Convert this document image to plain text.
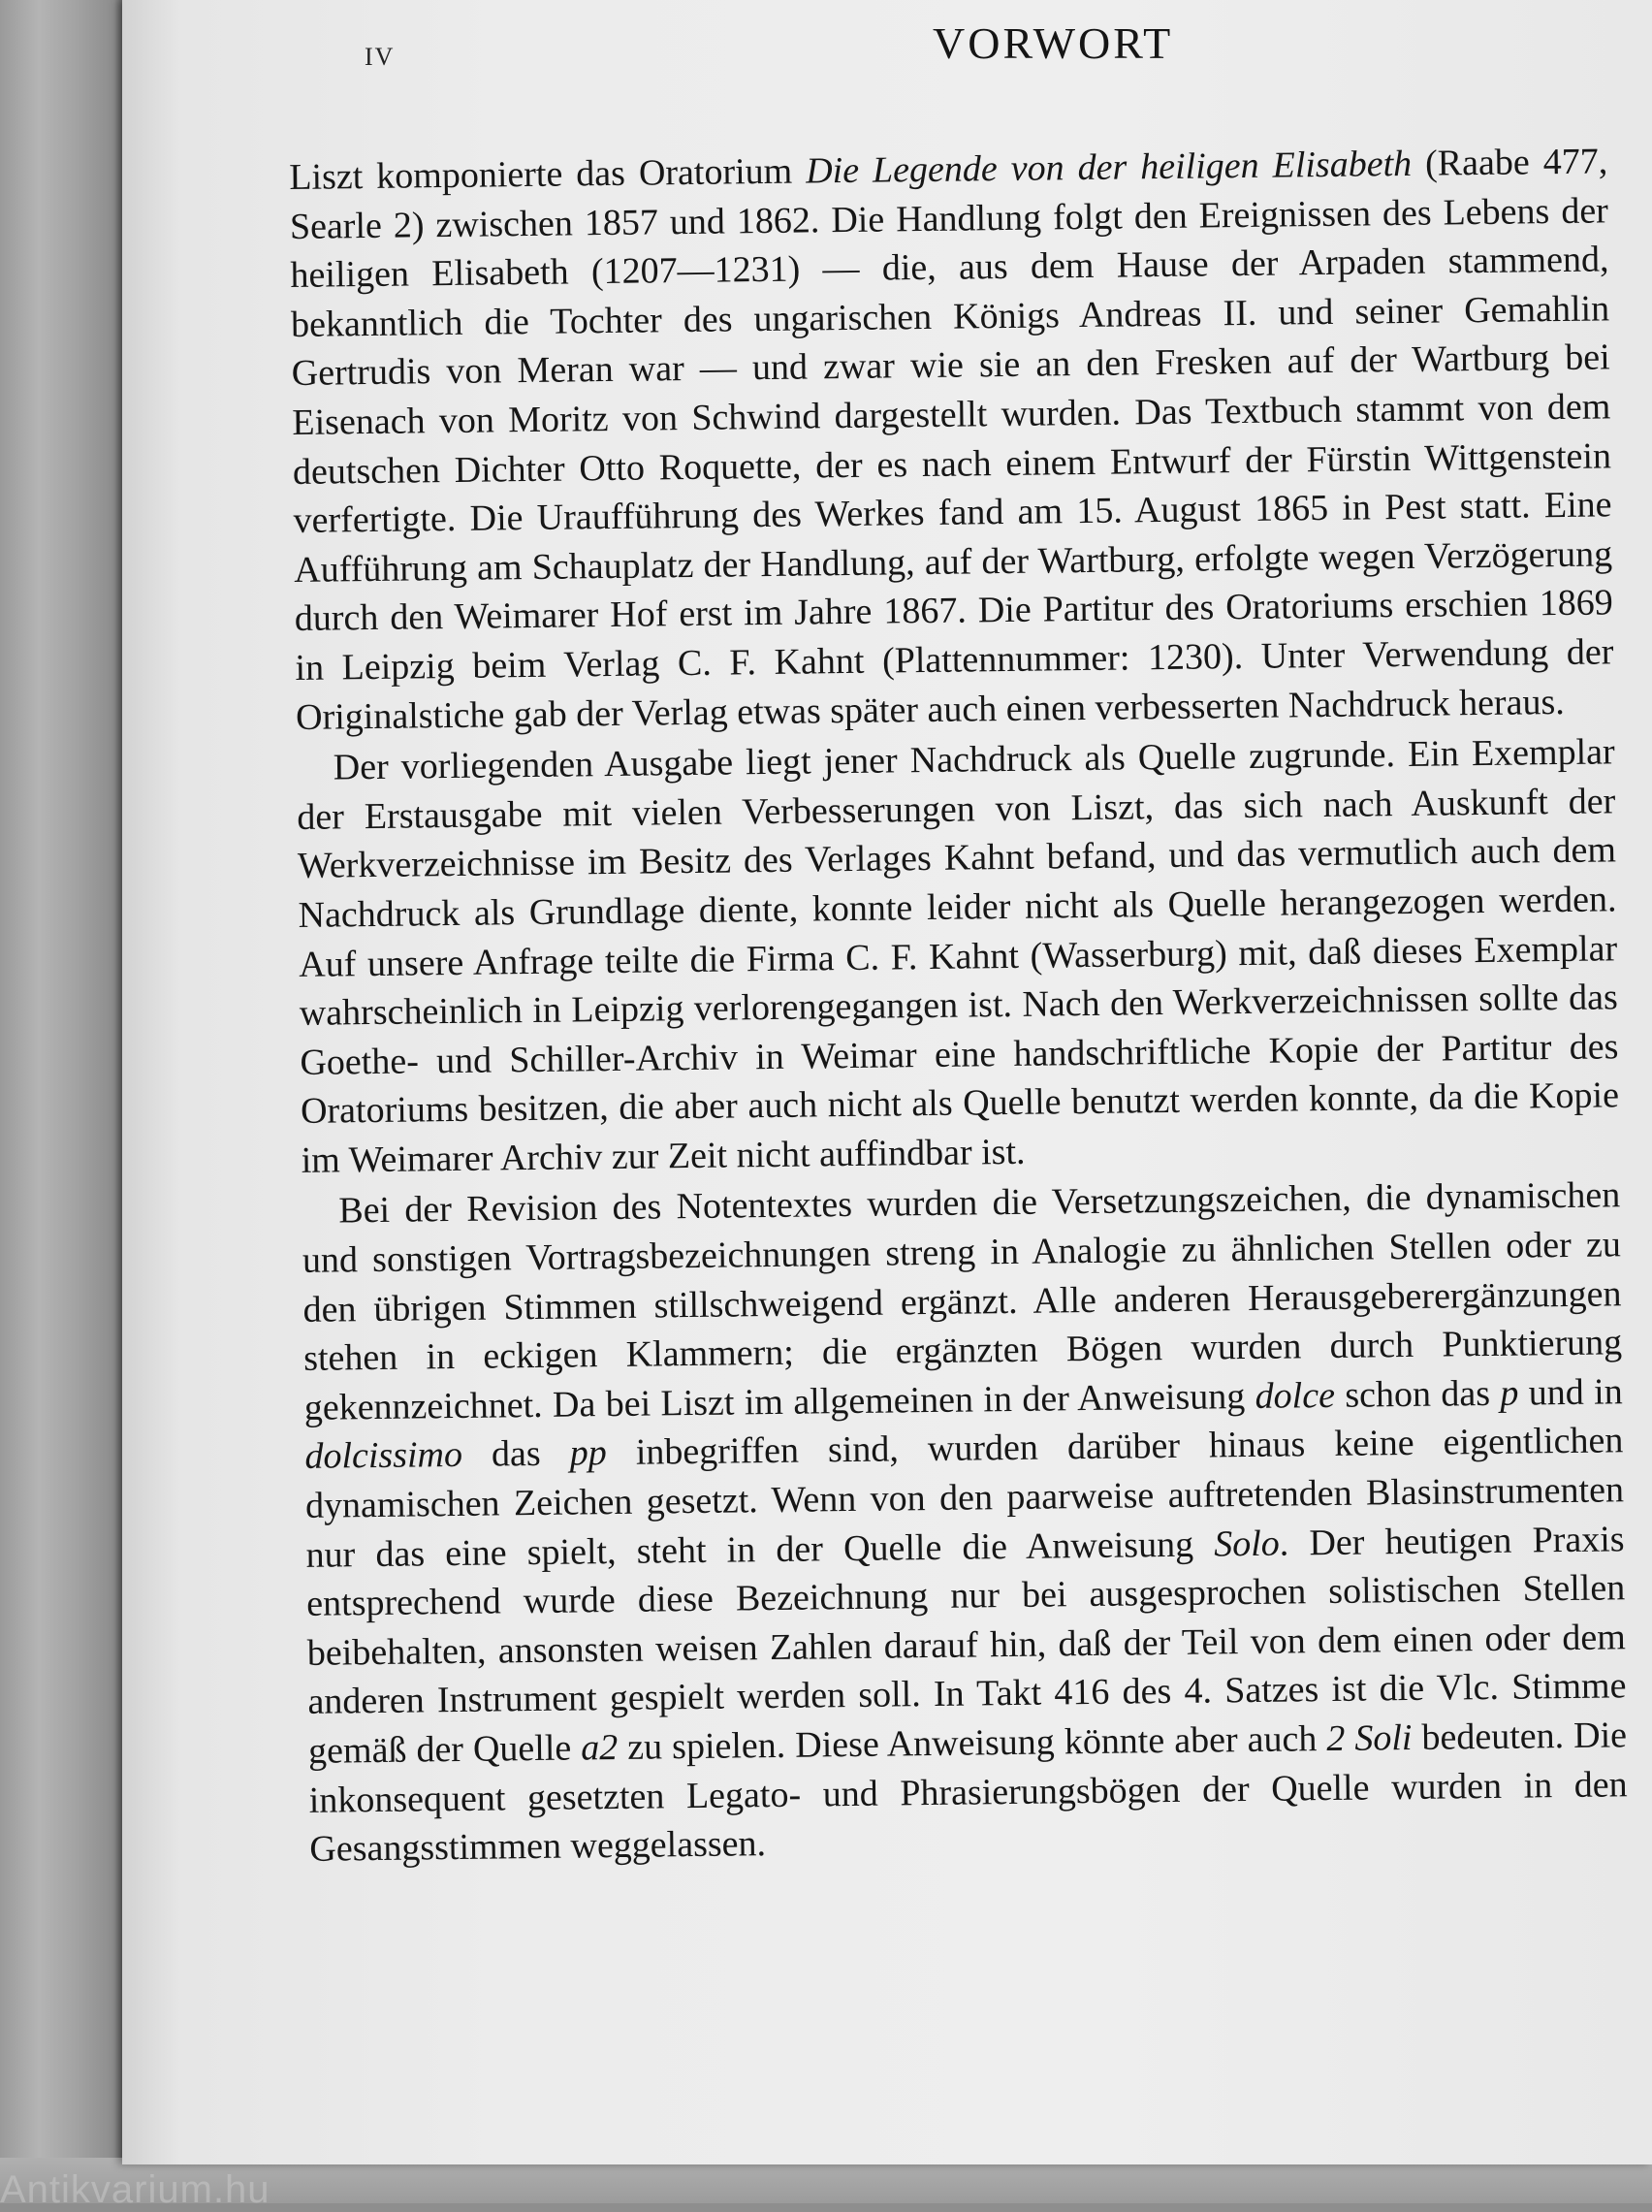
IV	VORWORT

Liszt komponierte das Oratorium Die Legende von der heiligen Elisabeth (Raabe 477, Searle 2) zwischen 1857 und 1862. Die Handlung folgt den Ereignissen des Lebens der heiligen Elisabeth (1207—1231) — die, aus dem Hause der Arpaden stammend, bekanntlich die Tochter des ungarischen Königs Andreas II. und seiner Gemahlin Gertrudis von Meran war — und zwar wie sie an den Fresken auf der Wartburg bei Eisenach von Moritz von Schwind dargestellt wurden. Das Textbuch stammt von dem deutschen Dichter Otto Roquette, der es nach einem Entwurf der Fürstin Wittgenstein verfertigte. Die Uraufführung des Werkes fand am 15. August 1865 in Pest statt. Eine Aufführung am Schauplatz der Handlung, auf der Wartburg, erfolgte wegen Verzögerung durch den Weimarer Hof erst im Jahre 1867. Die Partitur des Oratoriums erschien 1869 in Leipzig beim Verlag C. F. Kahnt (Plattennummer: 1230). Unter Verwendung der Originalstiche gab der Verlag etwas später auch einen verbesserten Nachdruck heraus.

Der vorliegenden Ausgabe liegt jener Nachdruck als Quelle zugrunde. Ein Exemplar der Erstausgabe mit vielen Verbesserungen von Liszt, das sich nach Auskunft der Werkverzeichnisse im Besitz des Verlages Kahnt befand, und das vermutlich auch dem Nachdruck als Grundlage diente, konnte leider nicht als Quelle herangezogen werden. Auf unsere Anfrage teilte die Firma C. F. Kahnt (Wasserburg) mit, daß dieses Exemplar wahrscheinlich in Leipzig verlorengegangen ist. Nach den Werkverzeichnissen sollte das Goethe- und Schiller-Archiv in Weimar eine handschriftliche Kopie der Partitur des Oratoriums besitzen, die aber auch nicht als Quelle benutzt werden konnte, da die Kopie im Weimarer Archiv zur Zeit nicht auffindbar ist.

Bei der Revision des Notentextes wurden die Versetzungszeichen, die dynamischen und sonstigen Vortragsbezeichnungen streng in Analogie zu ähnlichen Stellen oder zu den übrigen Stimmen stillschweigend ergänzt. Alle anderen Herausgeberergänzungen stehen in eckigen Klammern; die ergänzten Bögen wurden durch Punktierung gekennzeichnet. Da bei Liszt im allgemeinen in der Anweisung dolce schon das p und in dolcissimo das pp inbegriffen sind, wurden darüber hinaus keine eigentlichen dynamischen Zeichen gesetzt. Wenn von den paarweise auftretenden Blasinstrumenten nur das eine spielt, steht in der Quelle die Anweisung Solo. Der heutigen Praxis entsprechend wurde diese Bezeichnung nur bei ausgesprochen solistischen Stellen beibehalten, ansonsten weisen Zahlen darauf hin, daß der Teil von dem einen oder dem anderen Instrument gespielt werden soll. In Takt 416 des 4. Satzes ist die Vlc. Stimme gemäß der Quelle a2 zu spielen. Diese Anweisung könnte aber auch 2 Soli bedeuten. Die inkonsequent gesetzten Legato- und Phrasierungsbögen der Quelle wurden in den Gesangsstimmen weggelassen.

Antikvarium.hu
